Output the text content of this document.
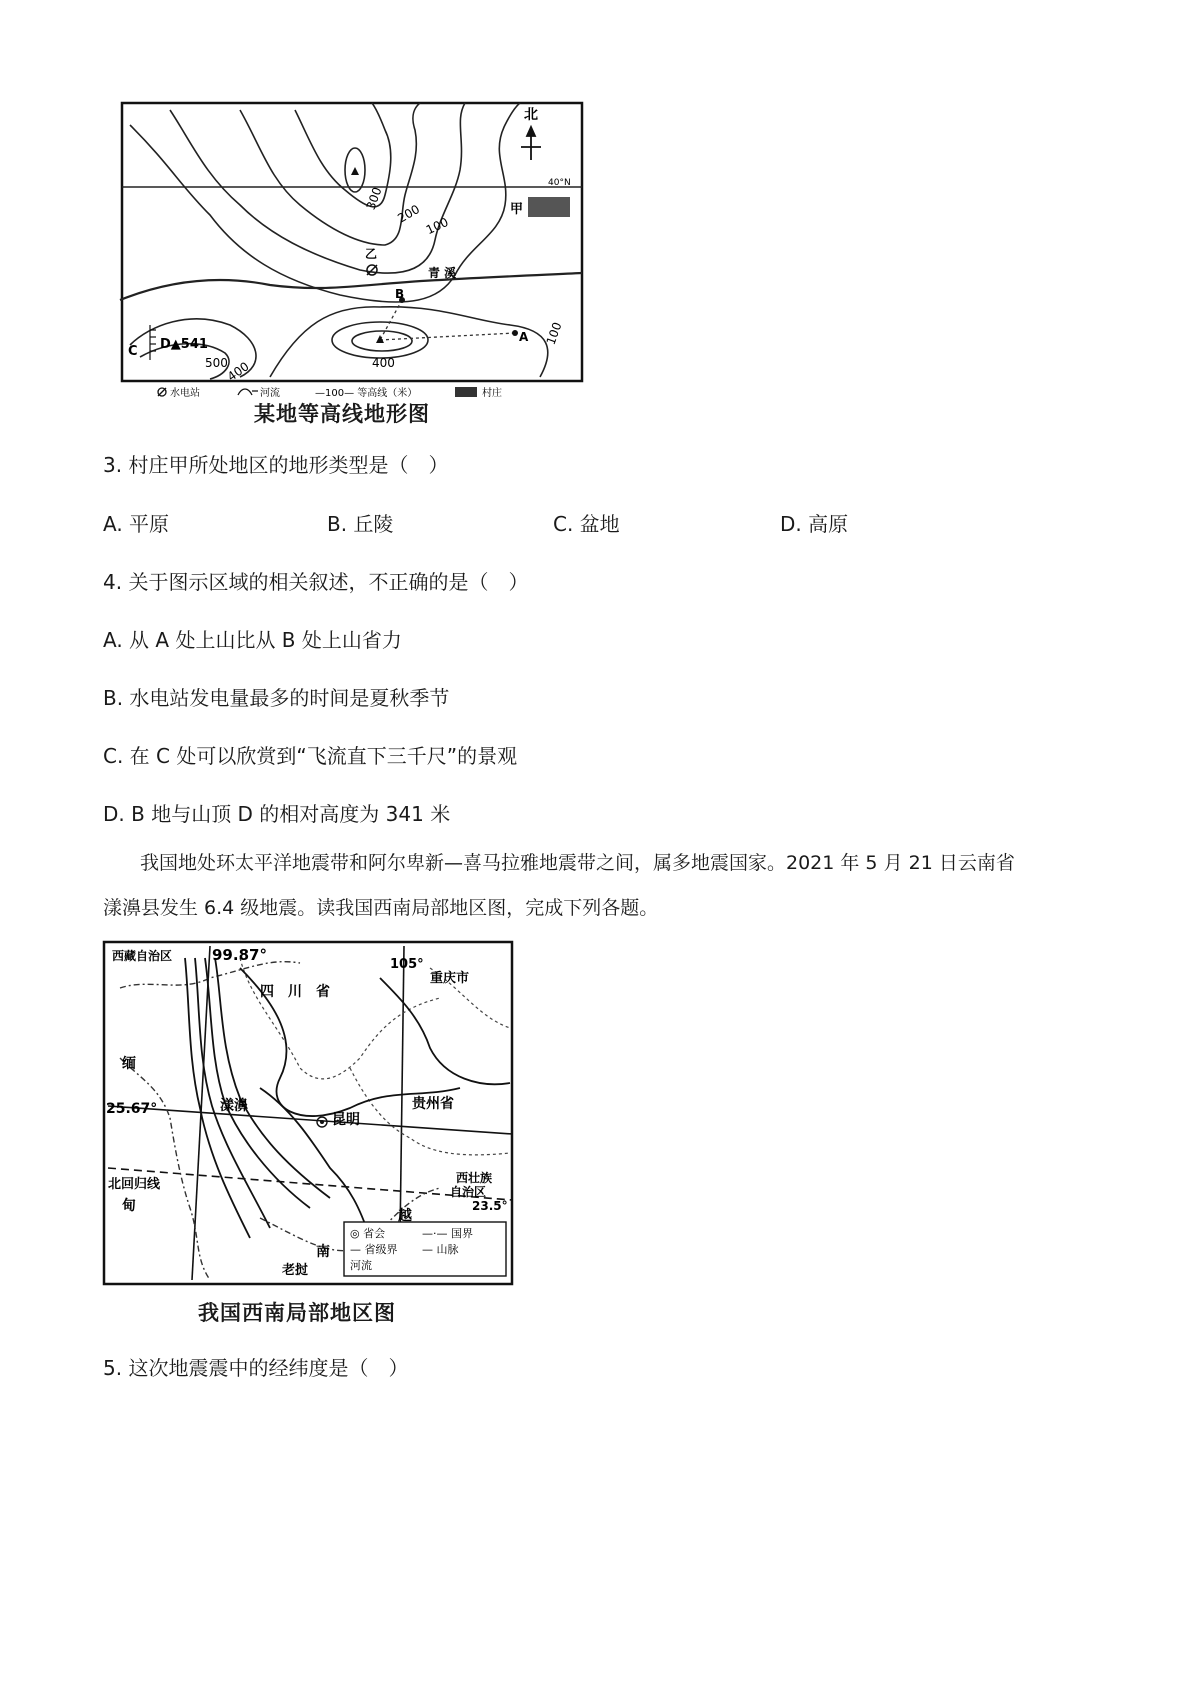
北
40°N
甲
乙
青 溪
300
200
100
100
400
500
400
B
A
C D▲541
水电站	河流	—100— 等高线（米）	村庄
某地等高线地形图
3. 村庄甲所处地区的地形类型是（　）
A. 平原	B. 丘陵	C. 盆地	D. 高原
4. 关于图示区域的相关叙述，不正确的是（　）
A. 从 A 处上山比从 B 处上山省力
B. 水电站发电量最多的时间是夏秋季节
C. 在 C 处可以欣赏到“飞流直下三千尺”的景观
D. B 地与山顶 D 的相对高度为 341 米
我国地处环太平洋地震带和阿尔卑新—喜马拉雅地震带之间，属多地震国家。2021 年 5 月 21 日云南省
漾濞县发生 6.4 级地震。读我国西南局部地区图，完成下列各题。
西藏自治区	99.87°
四　川　省
105°
重庆市
缅
25.67°	漾濞
昆明
贵州省
北回归线
甸
西壮族
自治区
23.5°
越
南
老挝
◎ 省会	—·— 国界
— 省级界 — 山脉
河流
我国西南局部地区图
5. 这次地震震中的经纬度是（　）
